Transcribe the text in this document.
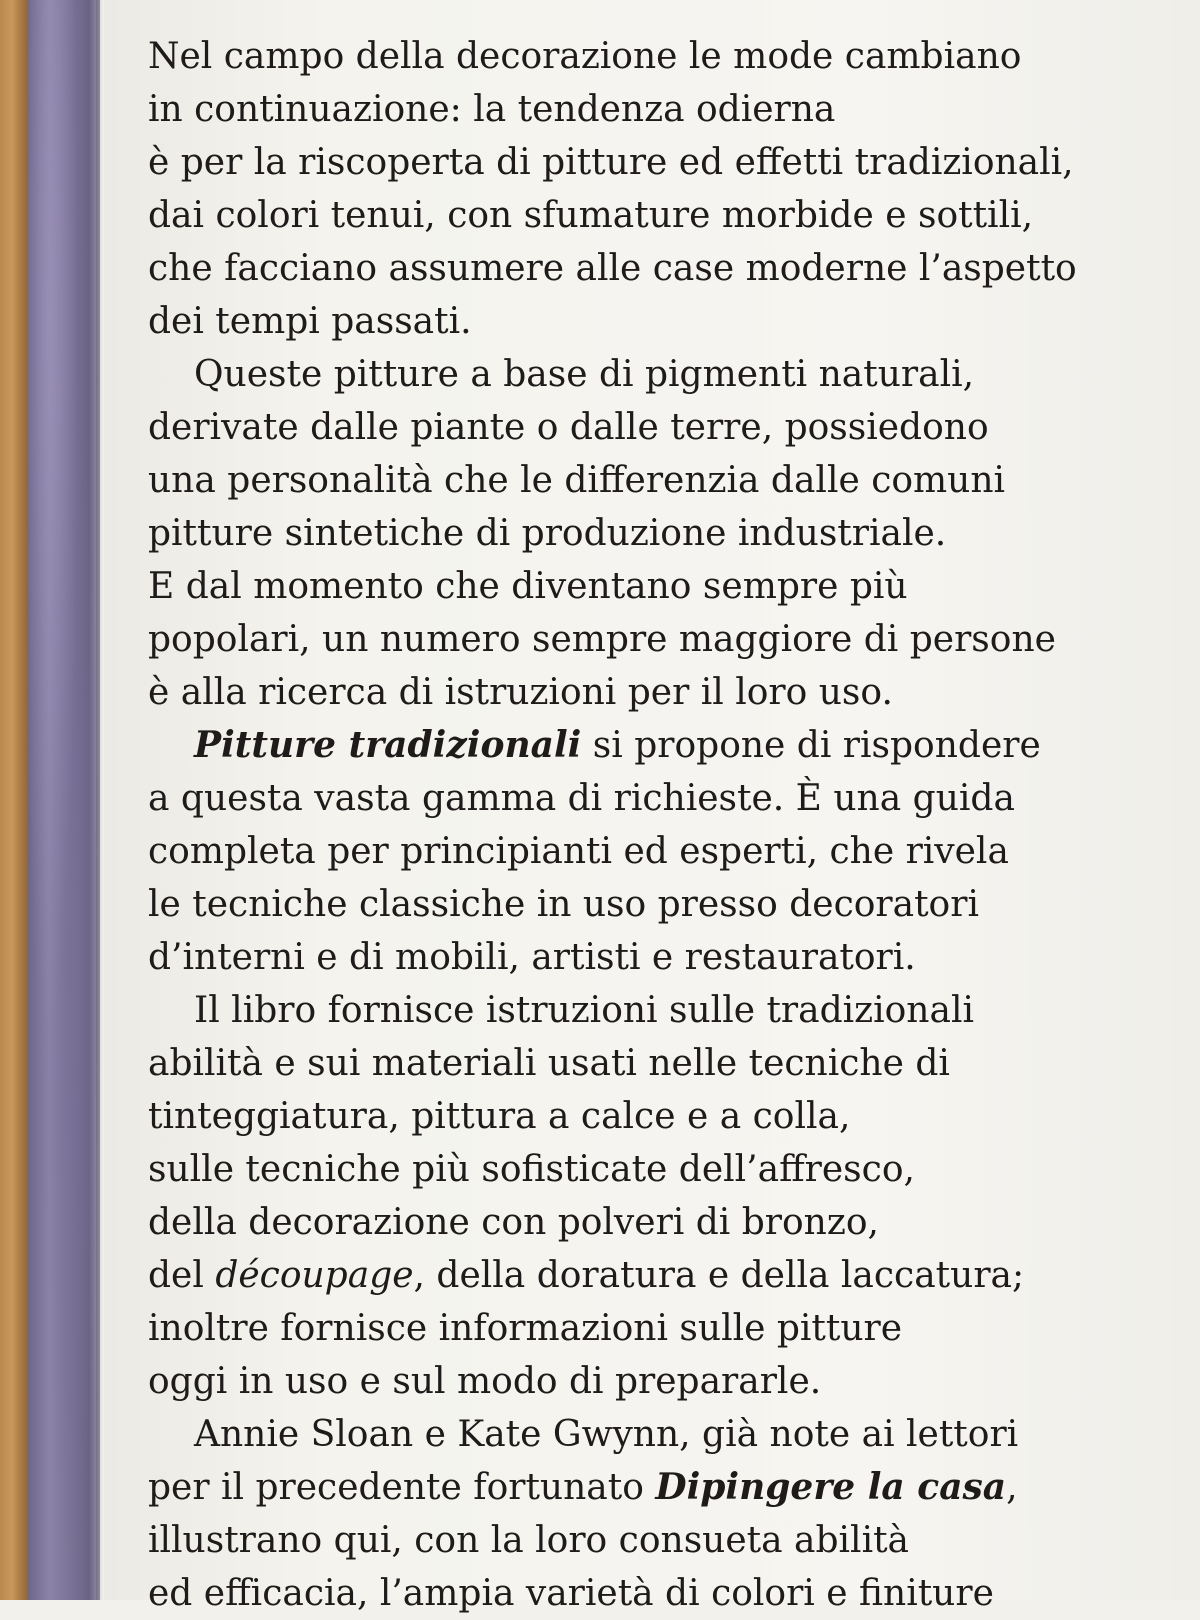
Nel campo della decorazione le mode cambiano
in continuazione: la tendenza odierna
è per la riscoperta di pitture ed effetti tradizionali,
dai colori tenui, con sfumature morbide e sottili,
che facciano assumere alle case moderne l’aspetto
dei tempi passati.
Queste pitture a base di pigmenti naturali,
derivate dalle piante o dalle terre, possiedono
una personalità che le differenzia dalle comuni
pitture sintetiche di produzione industriale.
E dal momento che diventano sempre più
popolari, un numero sempre maggiore di persone
è alla ricerca di istruzioni per il loro uso.
Pitture tradizionali si propone di rispondere
a questa vasta gamma di richieste. È una guida
completa per principianti ed esperti, che rivela
le tecniche classiche in uso presso decoratori
d’interni e di mobili, artisti e restauratori.
Il libro fornisce istruzioni sulle tradizionali
abilità e sui materiali usati nelle tecniche di
tinteggiatura, pittura a calce e a colla,
sulle tecniche più sofisticate dell’affresco,
della decorazione con polveri di bronzo,
del découpage, della doratura e della laccatura;
inoltre fornisce informazioni sulle pitture
oggi in uso e sul modo di prepararle.
Annie Sloan e Kate Gwynn, già note ai lettori
per il precedente fortunato Dipingere la casa,
illustrano qui, con la loro consueta abilità
ed efficacia, l’ampia varietà di colori e finiture
